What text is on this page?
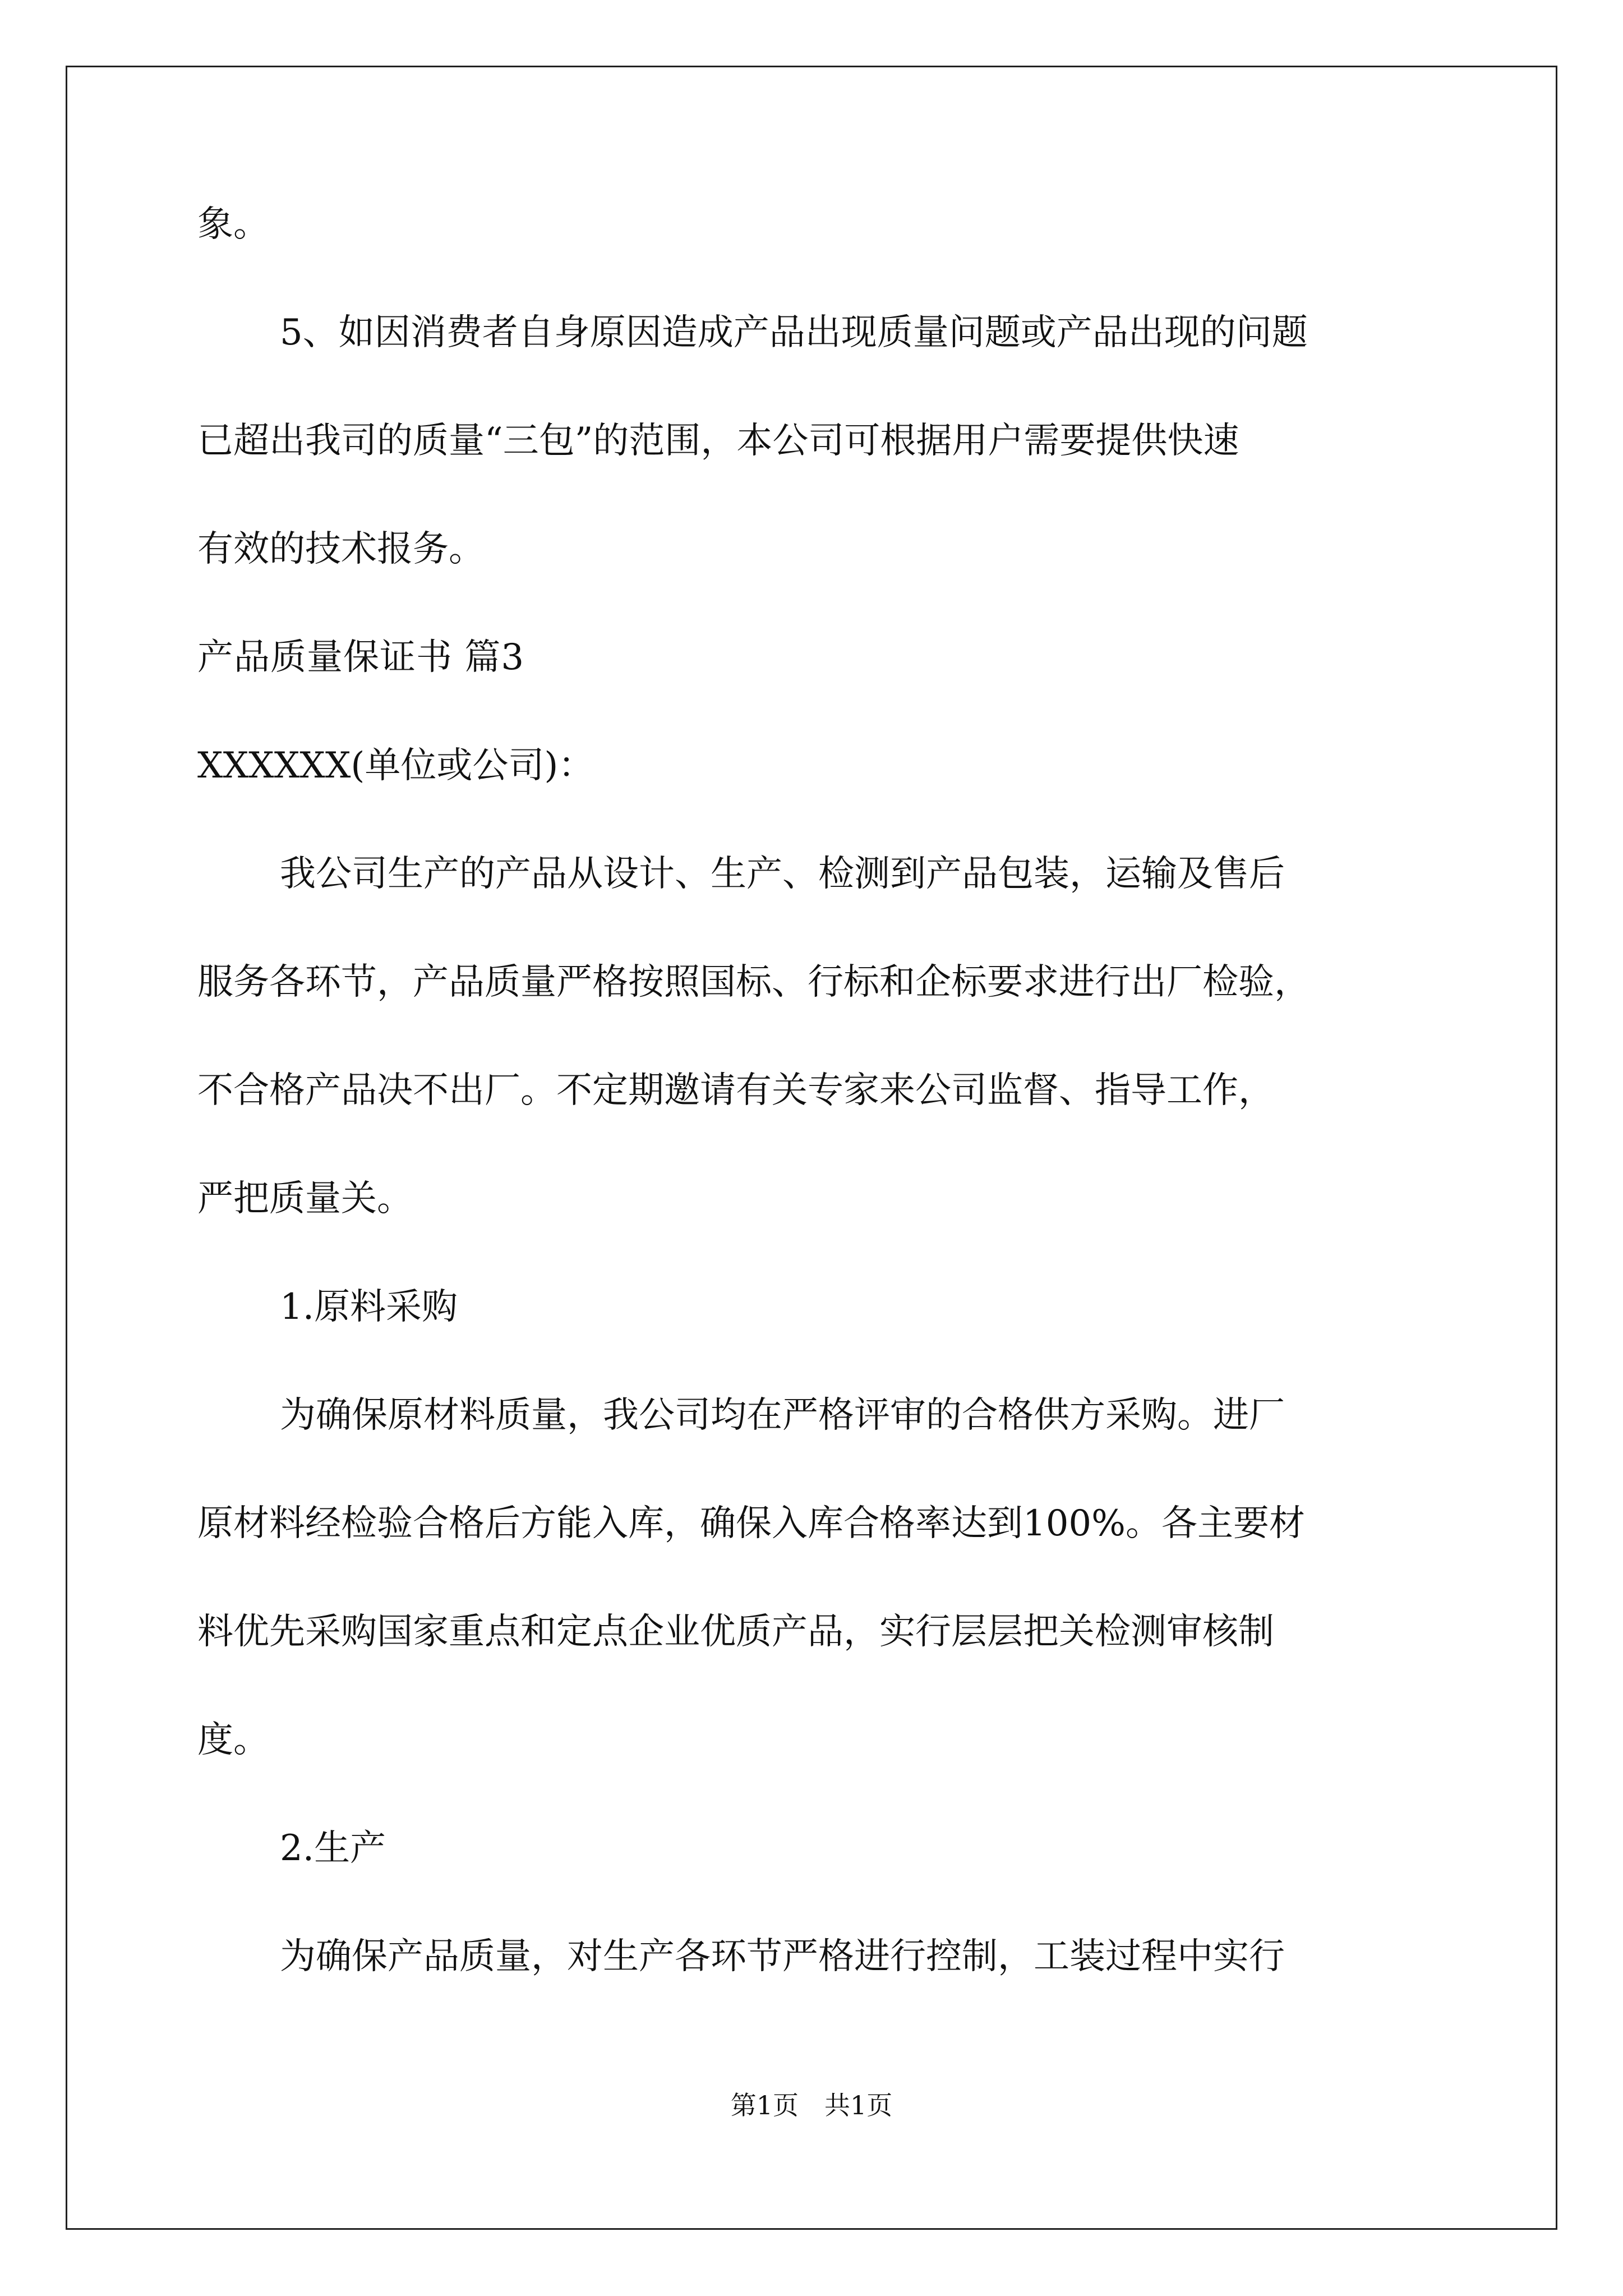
象。

5、如因消费者自身原因造成产品出现质量问题或产品出现的问题

已超出我司的质量“三包”的范围，本公司可根据用户需要提供快速

有效的技术报务。

产品质量保证书 篇3

XXXXXX(单位或公司)：

我公司生产的产品从设计、生产、检测到产品包装，运输及售后

服务各环节，产品质量严格按照国标、行标和企标要求进行出厂检验，

不合格产品决不出厂。不定期邀请有关专家来公司监督、指导工作，

严把质量关。

1.原料采购

为确保原材料质量，我公司均在严格评审的合格供方采购。进厂

原材料经检验合格后方能入库，确保入库合格率达到100%。各主要材

料优先采购国家重点和定点企业优质产品，实行层层把关检测审核制

度。

2.生产

为确保产品质量，对生产各环节严格进行控制，工装过程中实行

第1页　共1页
